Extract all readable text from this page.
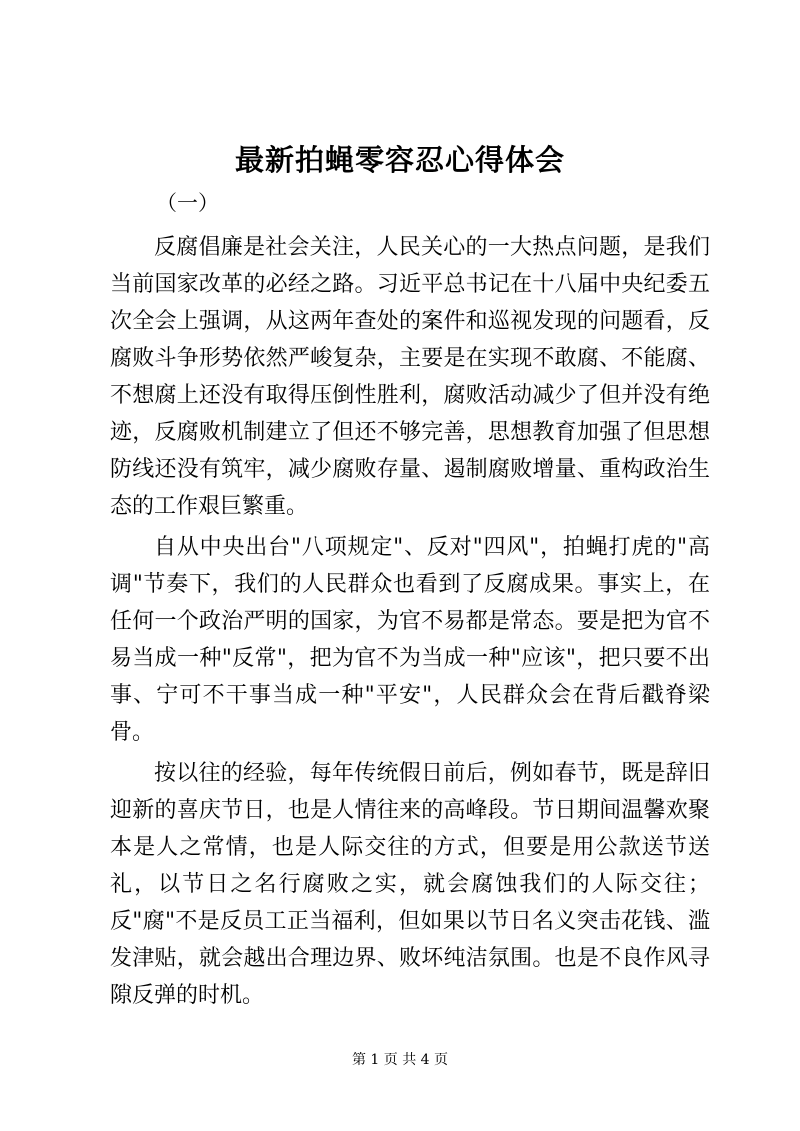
最新拍蝇零容忍心得体会
（一）

反腐倡廉是社会关注，人民关心的一大热点问题，是我们当前国家改革的必经之路。习近平总书记在十八届中央纪委五次全会上强调，从这两年查处的案件和巡视发现的问题看，反腐败斗争形势依然严峻复杂，主要是在实现不敢腐、不能腐、不想腐上还没有取得压倒性胜利，腐败活动减少了但并没有绝迹，反腐败机制建立了但还不够完善，思想教育加强了但思想防线还没有筑牢，减少腐败存量、遏制腐败增量、重构政治生态的工作艰巨繁重。

自从中央出台"八项规定"、反对"四风"，拍蝇打虎的"高调"节奏下，我们的人民群众也看到了反腐成果。事实上，在任何一个政治严明的国家，为官不易都是常态。要是把为官不易当成一种"反常"，把为官不为当成一种"应该"，把只要不出事、宁可不干事当成一种"平安"，人民群众会在背后戳脊梁骨。

按以往的经验，每年传统假日前后，例如春节，既是辞旧迎新的喜庆节日，也是人情往来的高峰段。节日期间温馨欢聚本是人之常情，也是人际交往的方式，但要是用公款送节送礼，以节日之名行腐败之实，就会腐蚀我们的人际交往；反"腐"不是反员工正当福利，但如果以节日名义突击花钱、滥发津贴，就会越出合理边界、败坏纯洁氛围。也是不良作风寻隙反弹的时机。

第 1 页 共 4 页
